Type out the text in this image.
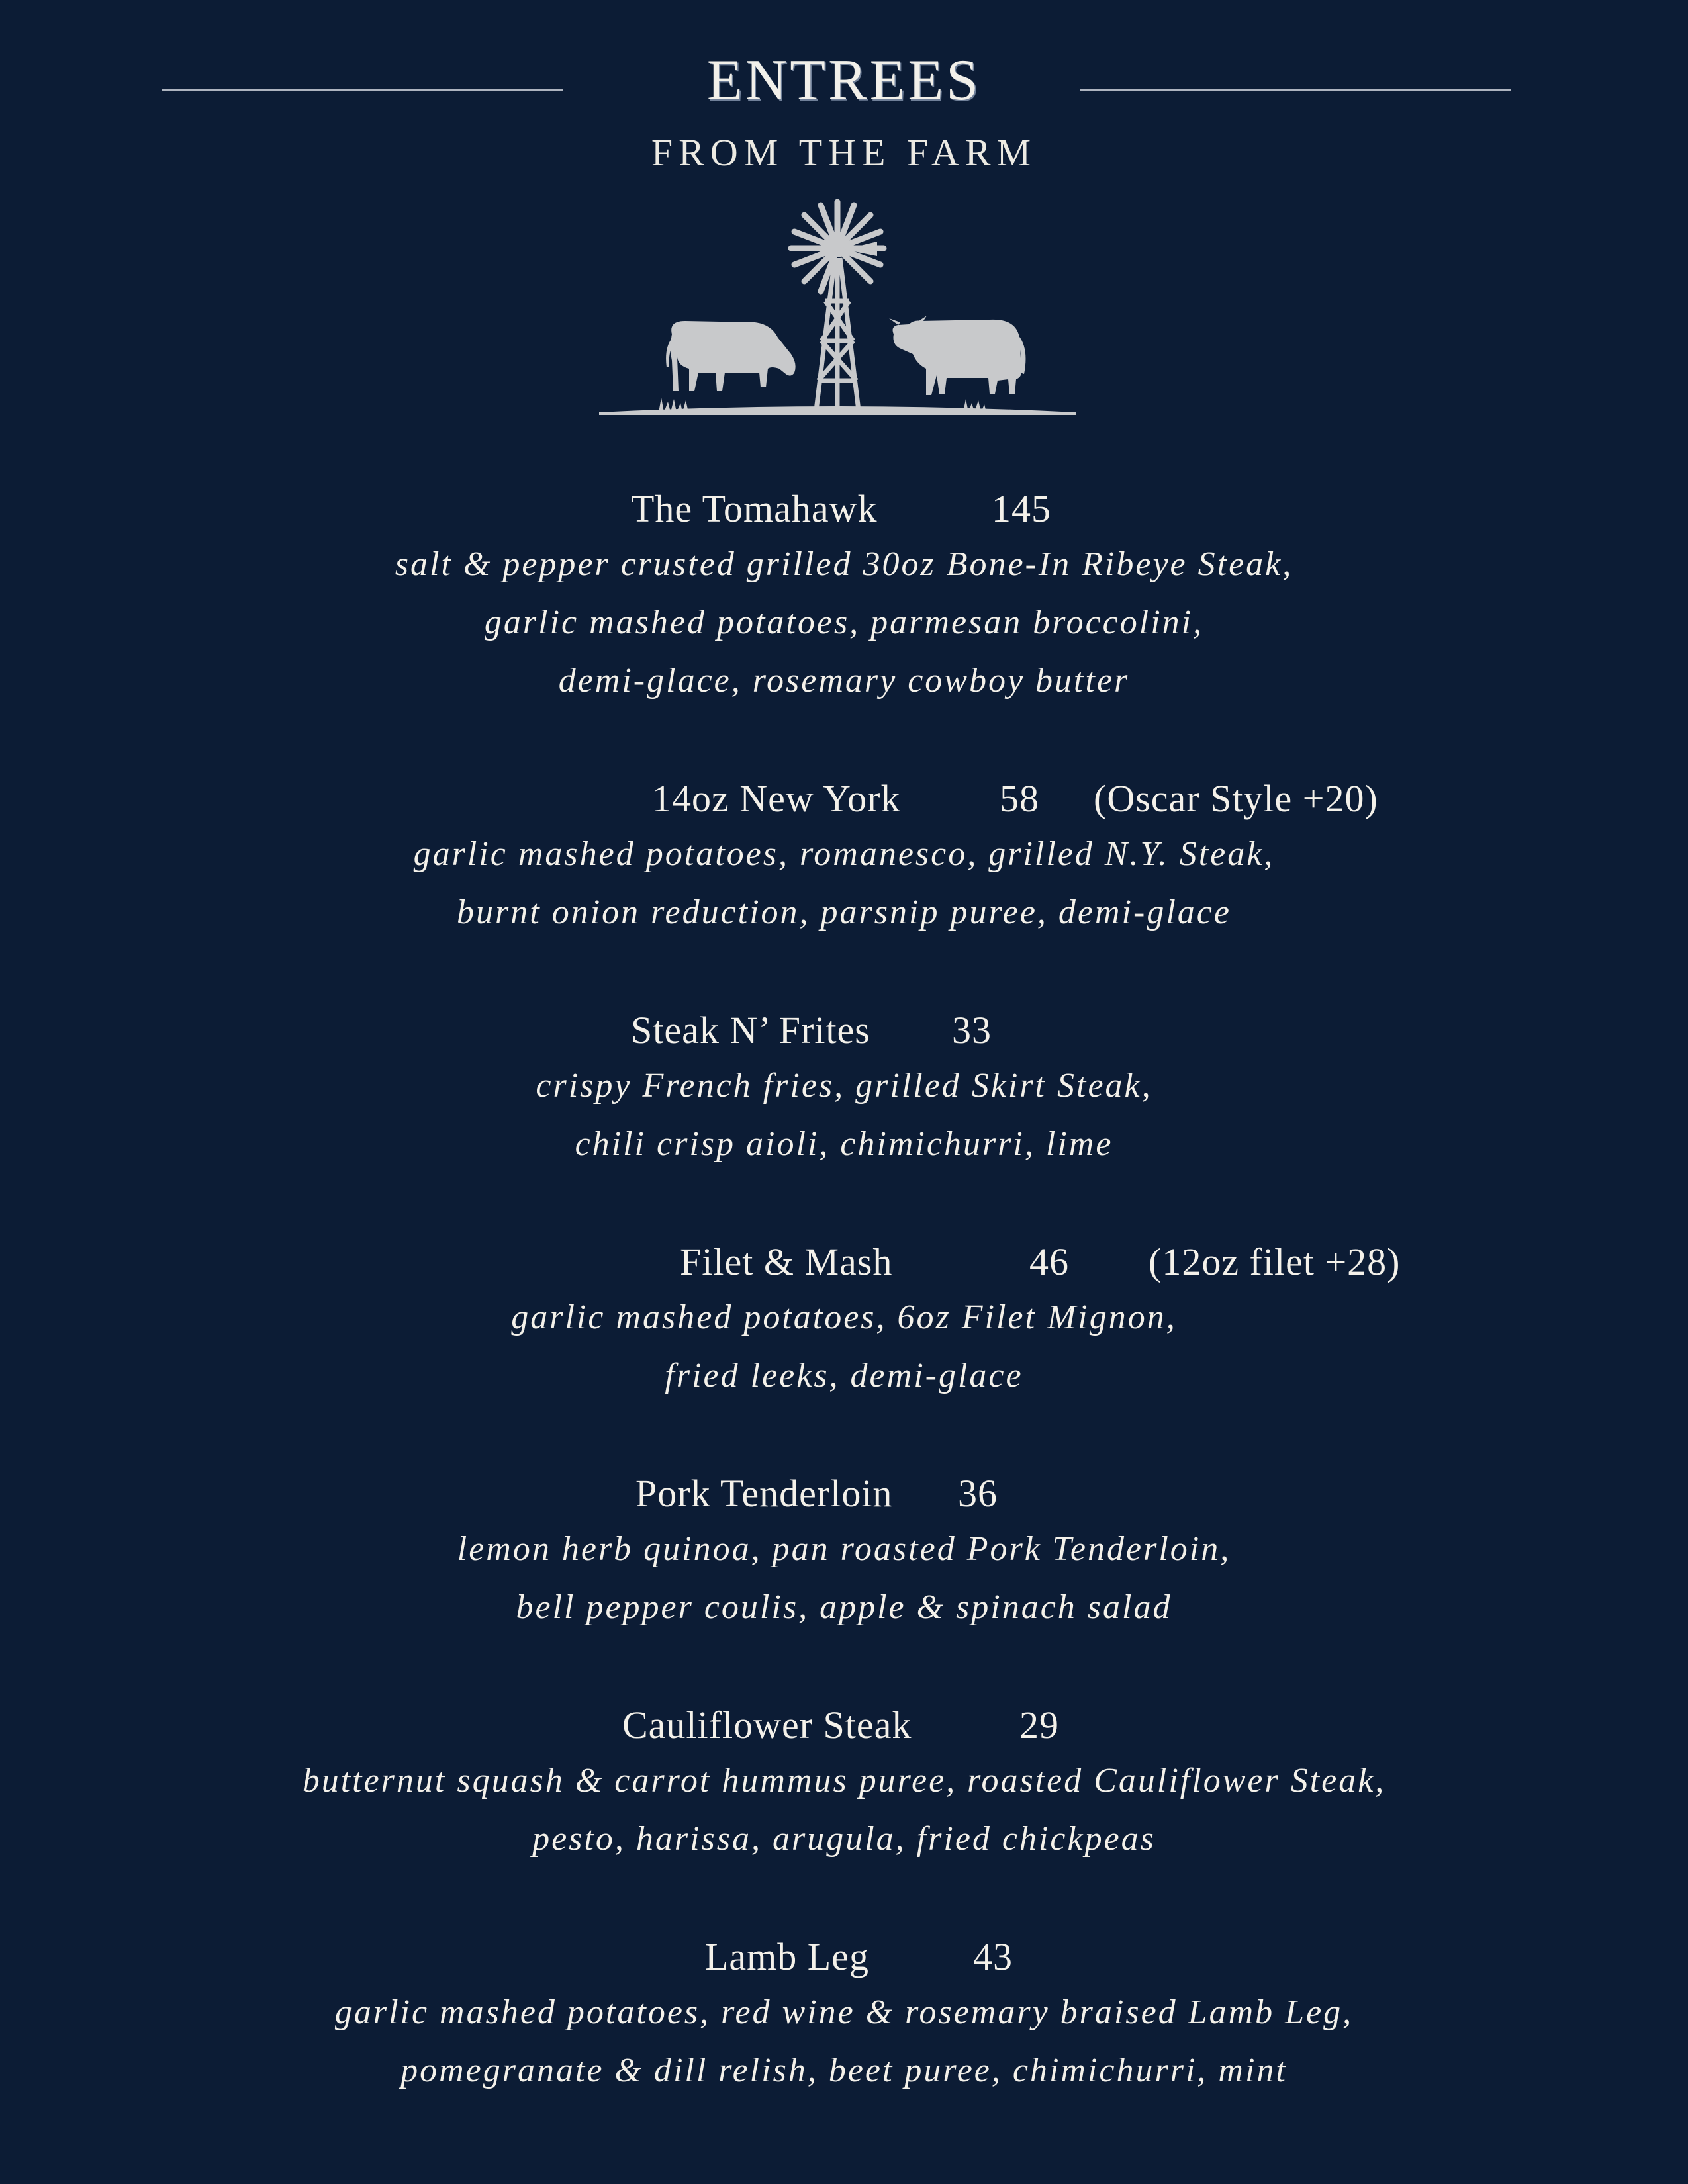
ENTREES
FROM THE FARM
The Tomahawk	145
salt & pepper crusted grilled 30oz Bone-In Ribeye Steak,
garlic mashed potatoes, parmesan broccolini,
demi-glace, rosemary cowboy butter
14oz New York	58 (Oscar Style +20)
garlic mashed potatoes, romanesco, grilled N.Y. Steak,
burnt onion reduction, parsnip puree, demi-glace
Steak N’ Frites 33
crispy French fries, grilled Skirt Steak,
chili crisp aioli, chimichurri, lime
Filet & Mash	46 (12oz filet +28)
garlic mashed potatoes, 6oz Filet Mignon,
fried leeks, demi-glace
Pork Tenderloin 36
lemon herb quinoa, pan roasted Pork Tenderloin,
bell pepper coulis, apple & spinach salad
Cauliflower Steak	29
butternut squash & carrot hummus puree, roasted Cauliflower Steak,
pesto, harissa, arugula, fried chickpeas
Lamb Leg	43
garlic mashed potatoes, red wine & rosemary braised Lamb Leg,
pomegranate & dill relish, beet puree, chimichurri, mint
